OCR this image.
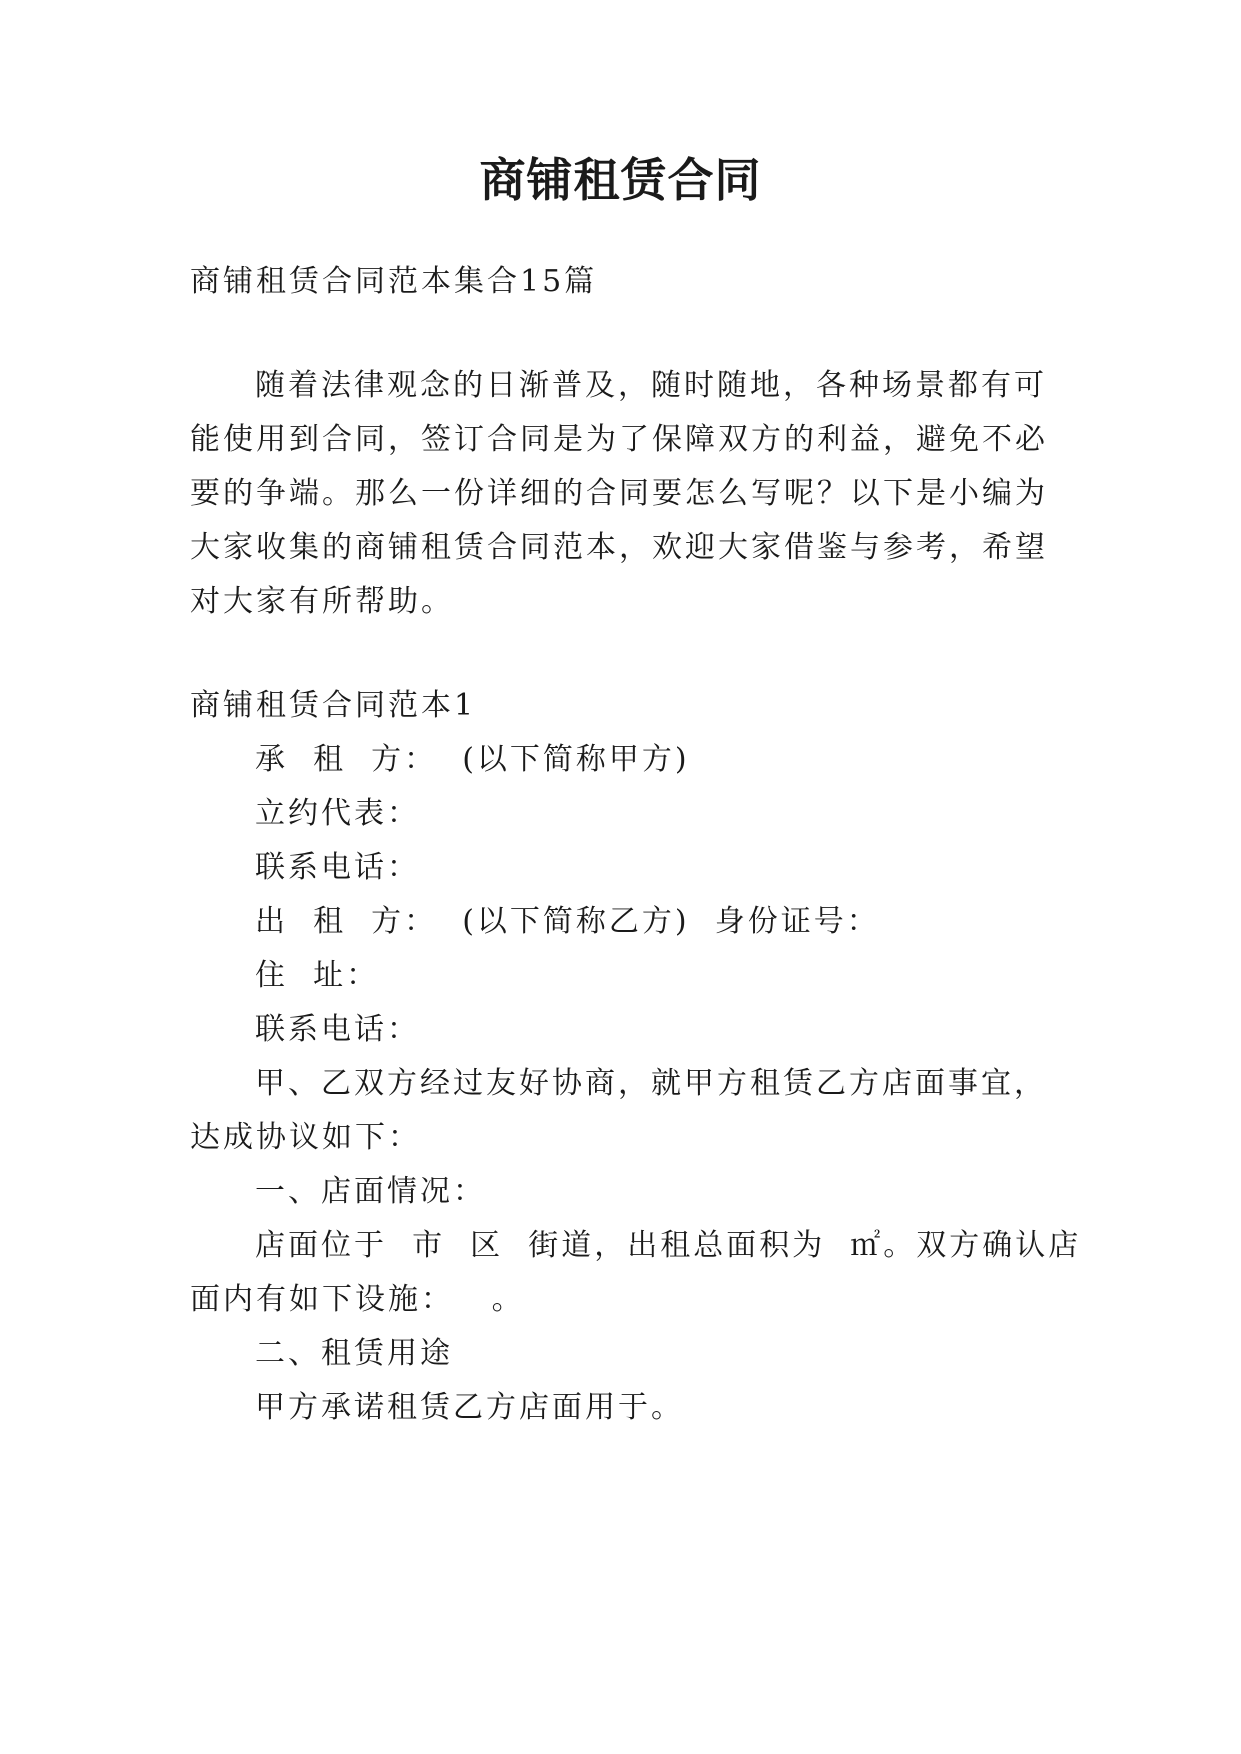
商铺租赁合同
商铺租赁合同范本集合15篇
随着法律观念的日渐普及，随时随地，各种场景都有可
能使用到合同，签订合同是为了保障双方的利益，避免不必
要的争端。那么一份详细的合同要怎么写呢？以下是小编为
大家收集的商铺租赁合同范本，欢迎大家借鉴与参考，希望
对大家有所帮助。
商铺租赁合同范本1
承  租  方：  (以下简称甲方)
立约代表：
联系电话：
出  租  方：  (以下简称乙方)  身份证号：
住  址：
联系电话：
甲、乙双方经过友好协商，就甲方租赁乙方店面事宜，
达成协议如下：
一、店面情况：
店面位于  市  区  街道，出租总面积为  ㎡。双方确认店
面内有如下设施：   。
二、租赁用途
甲方承诺租赁乙方店面用于。
